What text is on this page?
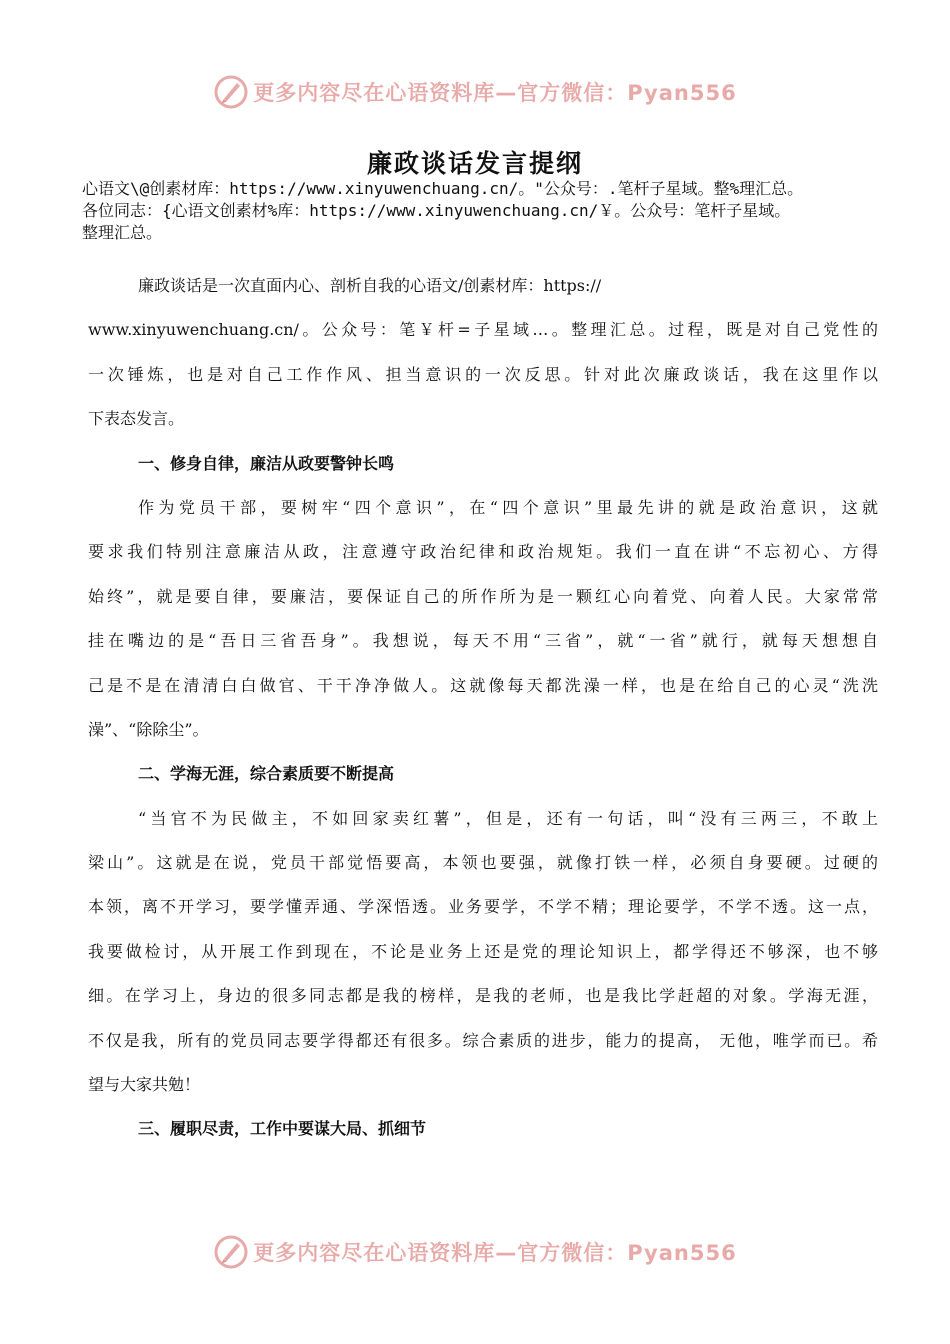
更多内容尽在心语资料库—官方微信：Pyan556
廉政谈话发言提纲
心语文\@创素材库：https://www.xinyuwenchuang.cn/。"公众号：.笔杆子星域。整%理汇总。
各位同志：{心语文创素材%库：https://www.xinyuwenchuang.cn/￥。公众号：笔杆子星域。
整理汇总。
廉政谈话是一次直面内心、剖析自我的心语文/创素材库：https://
www.xinyuwenchuang.cn/。公众号：笔￥杆=子星域…。整理汇总。过程，既是对自己党性的
一次锤炼，也是对自己工作作风、担当意识的一次反思。针对此次廉政谈话，我在这里作以
下表态发言。
一、修身自律，廉洁从政要警钟长鸣
作为党员干部，要树牢“四个意识”，在“四个意识”里最先讲的就是政治意识，这就
要求我们特别注意廉洁从政，注意遵守政治纪律和政治规矩。我们一直在讲“不忘初心、方得
始终”，就是要自律，要廉洁，要保证自己的所作所为是一颗红心向着党、向着人民。大家常常
挂在嘴边的是“吾日三省吾身”。我想说，每天不用“三省”，就“一省”就行，就每天想想自
己是不是在清清白白做官、干干净净做人。这就像每天都洗澡一样，也是在给自己的心灵“洗洗
澡”、“除除尘”。
二、学海无涯，综合素质要不断提高
“当官不为民做主，不如回家卖红薯”，但是，还有一句话，叫“没有三两三，不敢上
梁山”。这就是在说，党员干部觉悟要高，本领也要强，就像打铁一样，必须自身要硬。过硬的
本领，离不开学习，要学懂弄通、学深悟透。业务要学，不学不精；理论要学，不学不透。这一点，
我要做检讨，从开展工作到现在，不论是业务上还是党的理论知识上，都学得还不够深，也不够
细。在学习上，身边的很多同志都是我的榜样，是我的老师，也是我比学赶超的对象。学海无涯，
不仅是我，所有的党员同志要学得都还有很多。综合素质的进步，能力的提高， 无他，唯学而已。希
望与大家共勉！
三、履职尽责，工作中要谋大局、抓细节
更多内容尽在心语资料库—官方微信：Pyan556
